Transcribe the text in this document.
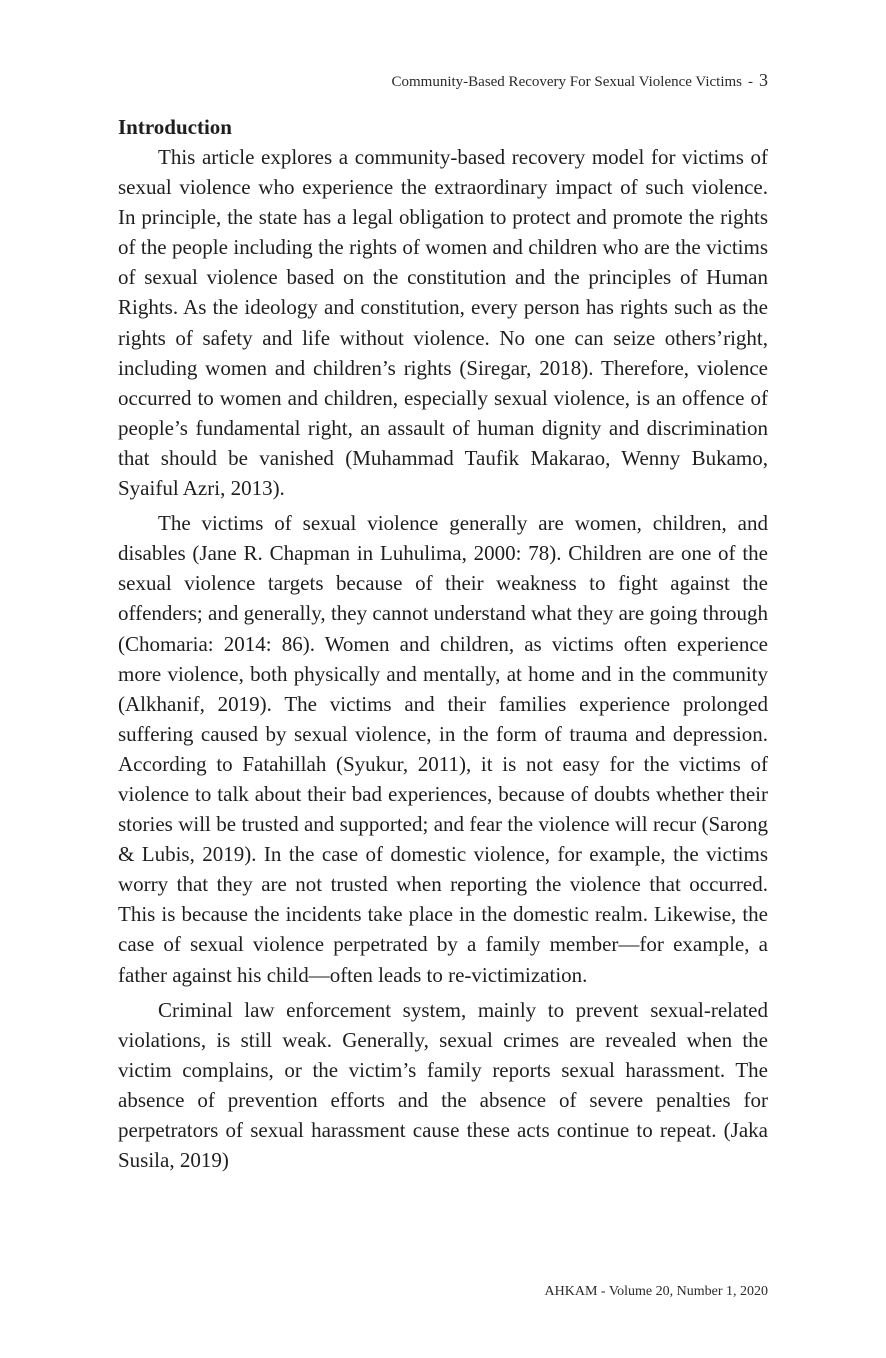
Community-Based Recovery For Sexual Violence Victims - 3
Introduction

This article explores a community-based recovery model for victims of sexual violence who experience the extraordinary impact of such violence. In principle, the state has a legal obligation to protect and promote the rights of the people including the rights of women and children who are the victims of sexual violence based on the constitution and the principles of Human Rights. As the ideology and constitution, every person has rights such as the rights of safety and life without violence. No one can seize others’right, including women and children’s rights (Siregar, 2018). Therefore, violence occurred to women and children, especially sexual violence, is an offence of people’s fundamental right, an assault of human dignity and discrimination that should be vanished (Muhammad Taufik Makarao, Wenny Bukamo, Syaiful Azri, 2013).

The victims of sexual violence generally are women, children, and disables (Jane R. Chapman in Luhulima, 2000: 78). Children are one of the sexual violence targets because of their weakness to fight against the offenders; and generally, they cannot understand what they are going through (Chomaria: 2014: 86). Women and children, as victims often experience more violence, both physically and mentally, at home and in the community (Alkhanif, 2019). The victims and their families experience prolonged suffering caused by sexual violence, in the form of trauma and depression. According to Fatahillah (Syukur, 2011), it is not easy for the victims of violence to talk about their bad experiences, because of doubts whether their stories will be trusted and supported; and fear the violence will recur (Sarong & Lubis, 2019). In the case of domestic violence, for example, the victims worry that they are not trusted when reporting the violence that occurred. This is because the incidents take place in the domestic realm. Likewise, the case of sexual violence perpetrated by a family member—for example, a father against his child—often leads to re-victimization.

Criminal law enforcement system, mainly to prevent sexual-related violations, is still weak. Generally, sexual crimes are revealed when the victim complains, or the victim’s family reports sexual harassment. The absence of prevention efforts and the absence of severe penalties for perpetrators of sexual harassment cause these acts continue to repeat. (Jaka Susila, 2019)

AHKAM - Volume 20, Number 1, 2020
